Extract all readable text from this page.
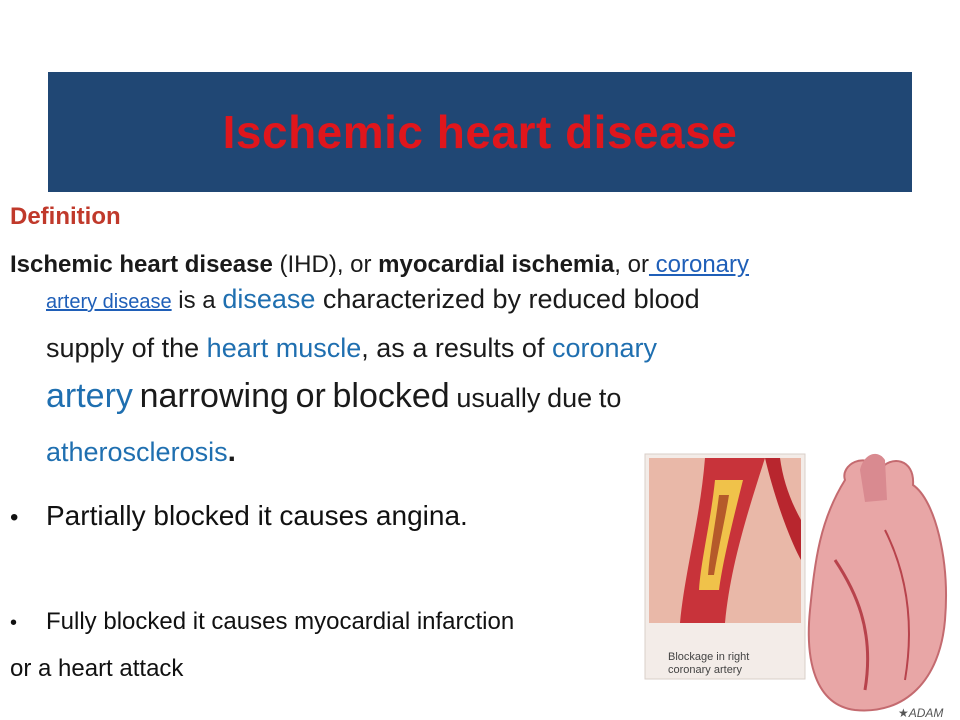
Ischemic heart disease
Definition
Ischemic heart disease (IHD), or myocardial ischemia, or coronary
artery disease is a disease characterized by reduced blood
supply of the heart muscle, as a results of coronary
artery narrowing or blocked usually due to
atherosclerosis.
• Partially blocked it causes angina.
•	Fully blocked it causes myocardial infarction
or a heart attack	Blockage in right
coronary artery
★ADAM
